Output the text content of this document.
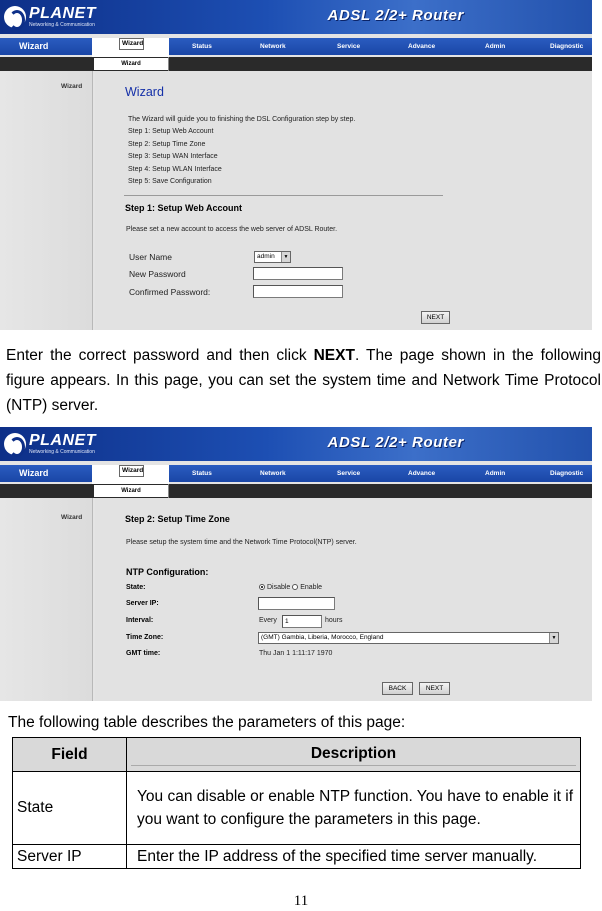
PLANET
Networking & Communication
ADSL 2/2+ Router
Wizard	Wizard	Status	Network	Service	Advance	Admin	Diagnostic
Wizard
Wizard	Wizard
The Wizard will guide you to finishing the DSL Configuration step by step.
Step 1: Setup Web Account
Step 2: Setup Time Zone
Step 3: Setup WAN Interface
Step 4: Setup WLAN Interface
Step 5: Save Configuration
Step 1: Setup Web Account
Please set a new account to access the web server of ADSL Router.
User Name	admin	▼
New Password
Confirmed Password:
NEXT
Enter the correct password and then click NEXT. The page shown in the following figure appears. In this page, you can set the system time and Network Time Protocol (NTP) server.
PLANET
Networking & Communication
ADSL 2/2+ Router
Wizard	Wizard	Status	Network	Service	Advance	Admin	Diagnostic
Wizard
Wizard	Step 2: Setup Time Zone
Please setup the system time and the Network Time Protocol(NTP) server.
NTP Configuration:
State:	Disable Enable
Server IP:
Interval:	Every	1	hours
Time Zone:	(GMT) Gambia, Liberia, Morocco, England	▼
GMT time:	Thu Jan 1 1:11:17 1970
BACK	NEXT
The following table describes the parameters of this page:
Field	Description

State	You can disable or enable NTP function. You have to enable it if you want to configure the parameters in this page.
Server IP	Enter the IP address of the specified time server manually.
11
